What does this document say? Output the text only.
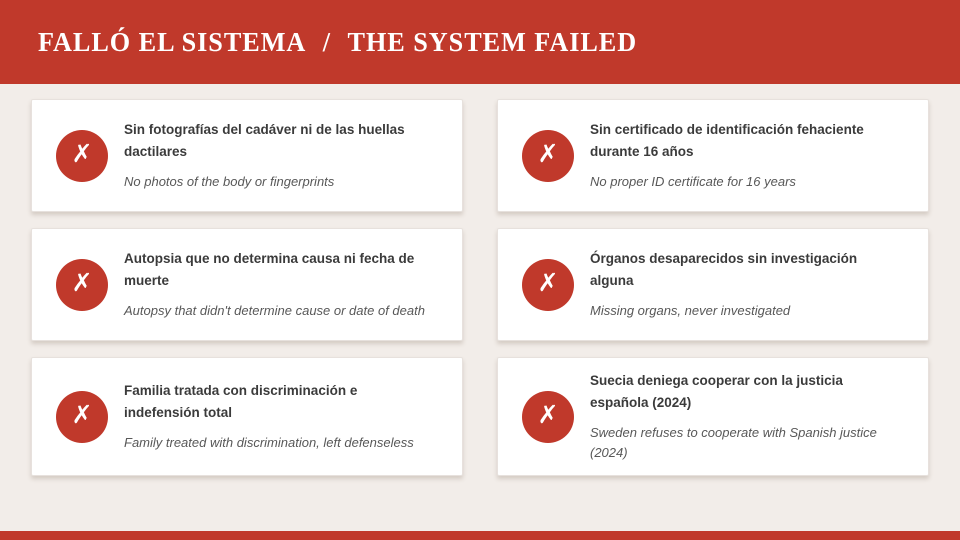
FALLÓ EL SISTEMA / THE SYSTEM FAILED
✗
Sin fotografías del cadáver ni de las huellas dactilares
No photos of the body or fingerprints
✗
Sin certificado de identificación fehaciente durante 16 años
No proper ID certificate for 16 years
✗
Autopsia que no determina causa ni fecha de muerte
Autopsy that didn't determine cause or date of death
✗
Órganos desaparecidos sin investigación alguna
Missing organs, never investigated
✗
Familia tratada con discriminación e indefensión total
Family treated with discrimination, left defenseless
✗
Suecia deniega cooperar con la justicia española (2024)
Sweden refuses to cooperate with Spanish justice (2024)
